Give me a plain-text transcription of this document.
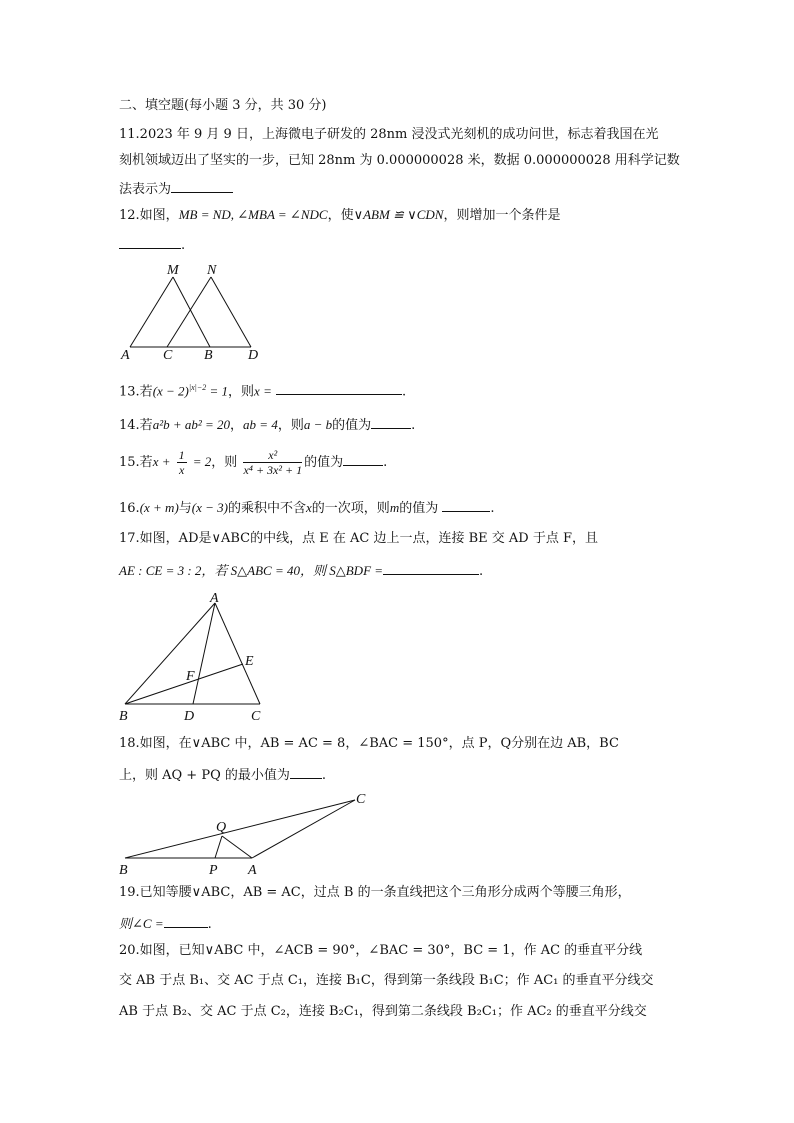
二、填空题(每小题 3 分，共 30 分)
11.2023 年 9 月 9 日，上海微电子研发的 28nm 浸没式光刻机的成功问世，标志着我国在光
刻机领域迈出了坚实的一步，已知 28nm 为 0.000000028 米，数据 0.000000028 用科学记数
法表示为
12.如图，MB = ND, ∠MBA = ∠NDC，使∨ABM ≌ ∨CDN，则增加一个条件是
.
M N
A C B	D
13.若$(x - 2)^{|x|-2} = 1$，则x =	.
14.若a²b + ab² = 20，ab = 4，则a − b的值为	.
15.若$x + \frac{1}{x} = 2$，则 $\frac{\text{x²}}{\text{x⁴ + 3x² + 1}}$ 的值为	.
16.(x + m)与(x − 3)的乘积中不含x的一次项，则m的值为	.
17.如图，AD是∨ABC的中线，点 E 在 AC 边上一点，连接 BE 交 AD 于点 F，且
AE : CE = 3 : 2，若 S△ABC = 40，则 S△BDF =	.
A
E
F
B	D	C
18.如图，在∨ABC 中，AB = AC = 8，∠BAC = 150°，点 P，Q分别在边 AB，BC
上，则 AQ + PQ 的最小值为 .
C
Q
B	P A
19.已知等腰∨ABC，AB = AC，过点 B 的一条直线把这个三角形分成两个等腰三角形，
则∠C =	.
20.如图，已知∨ABC 中，∠ACB = 90°，∠BAC = 30°，BC = 1，作 AC 的垂直平分线
交 AB 于点 B₁、交 AC 于点 C₁，连接 B₁C，得到第一条线段 B₁C；作 AC₁ 的垂直平分线交
AB 于点 B₂、交 AC 于点 C₂，连接 B₂C₁，得到第二条线段 B₂C₁；作 AC₂ 的垂直平分线交
